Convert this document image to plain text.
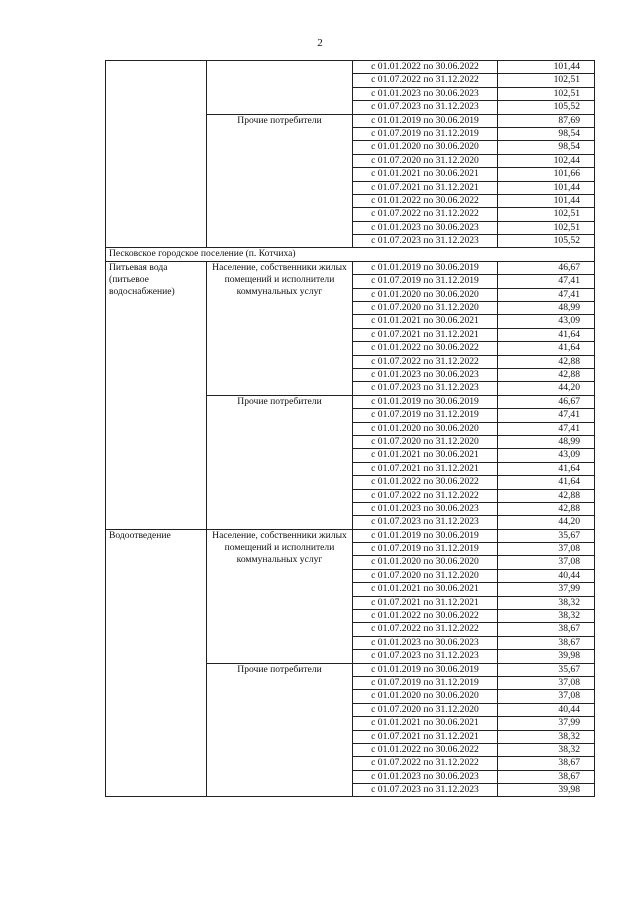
2
		с 01.01.2022 по 30.06.2022	101,44
		с 01.07.2022 по 31.12.2022	102,51
		с 01.01.2023 по 30.06.2023	102,51
		с 01.07.2023 по 31.12.2023	105,52
	Прочие потребители	с 01.01.2019 по 30.06.2019	87,69
		с 01.07.2019 по 31.12.2019	98,54
		с 01.01.2020 по 30.06.2020	98,54
		с 01.07.2020 по 31.12.2020	102,44
		с 01.01.2021 по 30.06.2021	101,66
		с 01.07.2021 по 31.12.2021	101,44
		с 01.01.2022 по 30.06.2022	101,44
		с 01.07.2022 по 31.12.2022	102,51
		с 01.01.2023 по 30.06.2023	102,51
		с 01.07.2023 по 31.12.2023	105,52
Песковское городское поселение (п. Котчиха)			
Питьевая вода (питьевое водоснабжение)	Население, собственники жилых помещений и исполнители коммунальных услуг	с 01.01.2019 по 30.06.2019	46,67
		с 01.07.2019 по 31.12.2019	47,41
		с 01.01.2020 по 30.06.2020	47,41
		с 01.07.2020 по 31.12.2020	48,99
		с 01.01.2021 по 30.06.2021	43,09
		с 01.07.2021 по 31.12.2021	41,64
		с 01.01.2022 по 30.06.2022	41,64
		с 01.07.2022 по 31.12.2022	42,88
		с 01.01.2023 по 30.06.2023	42,88
		с 01.07.2023 по 31.12.2023	44,20
	Прочие потребители	с 01.01.2019 по 30.06.2019	46,67
		с 01.07.2019 по 31.12.2019	47,41
		с 01.01.2020 по 30.06.2020	47,41
		с 01.07.2020 по 31.12.2020	48,99
		с 01.01.2021 по 30.06.2021	43,09
		с 01.07.2021 по 31.12.2021	41,64
		с 01.01.2022 по 30.06.2022	41,64
		с 01.07.2022 по 31.12.2022	42,88
		с 01.01.2023 по 30.06.2023	42,88
		с 01.07.2023 по 31.12.2023	44,20
Водоотведение	Население, собственники жилых помещений и исполнители коммунальных услуг	с 01.01.2019 по 30.06.2019	35,67
		с 01.07.2019 по 31.12.2019	37,08
		с 01.01.2020 по 30.06.2020	37,08
		с 01.07.2020 по 31.12.2020	40,44
		с 01.01.2021 по 30.06.2021	37,99
		с 01.07.2021 по 31.12.2021	38,32
		с 01.01.2022 по 30.06.2022	38,32
		с 01.07.2022 по 31.12.2022	38,67
		с 01.01.2023 по 30.06.2023	38,67
		с 01.07.2023 по 31.12.2023	39,98
	Прочие потребители	с 01.01.2019 по 30.06.2019	35,67
		с 01.07.2019 по 31.12.2019	37,08
		с 01.01.2020 по 30.06.2020	37,08
		с 01.07.2020 по 31.12.2020	40,44
		с 01.01.2021 по 30.06.2021	37,99
		с 01.07.2021 по 31.12.2021	38,32
		с 01.01.2022 по 30.06.2022	38,32
		с 01.07.2022 по 31.12.2022	38,67
		с 01.01.2023 по 30.06.2023	38,67
		с 01.07.2023 по 31.12.2023	39,98
